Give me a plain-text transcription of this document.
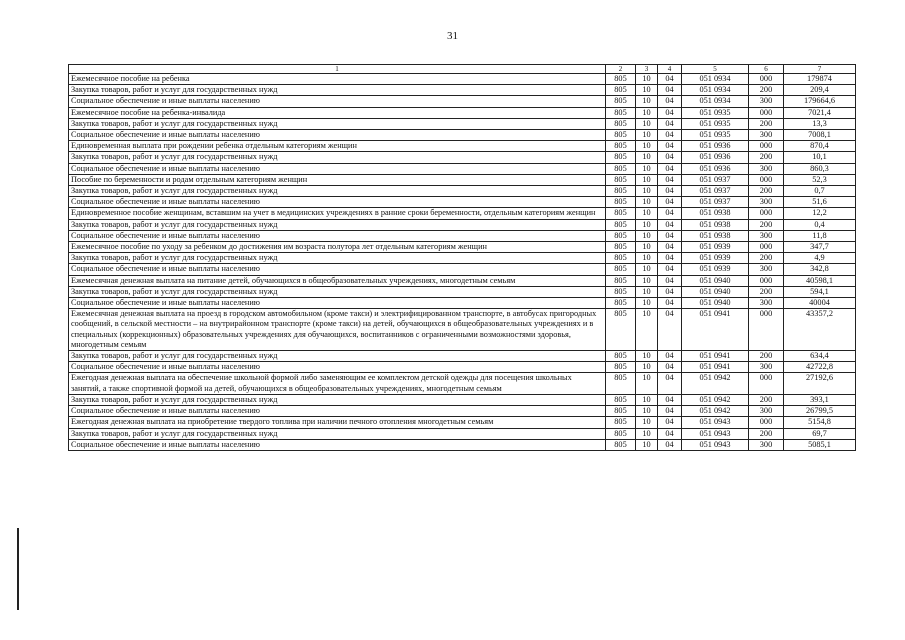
31
1	2	3	4	5	6	7
Ежемесячное пособие на ребенка	805	10	04	051 0934	000	179874
Закупка товаров, работ и услуг для государственных нужд	805	10	04	051 0934	200	209,4
Социальное обеспечение и иные выплаты населению	805	10	04	051 0934	300	179664,6
Ежемесячное пособие на ребенка-инвалида	805	10	04	051 0935	000	7021,4
Закупка товаров, работ и услуг для государственных нужд	805	10	04	051 0935	200	13,3
Социальное обеспечение и иные выплаты населению	805	10	04	051 0935	300	7008,1
Единовременная выплата при рождении ребенка отдельным категориям женщин	805	10	04	051 0936	000	870,4
Закупка товаров, работ и услуг для государственных нужд	805	10	04	051 0936	200	10,1
Социальное обеспечение и иные выплаты населению	805	10	04	051 0936	300	860,3
Пособие по беременности и родам отдельным категориям женщин	805	10	04	051 0937	000	52,3
Закупка товаров, работ и услуг для государственных нужд	805	10	04	051 0937	200	0,7
Социальное обеспечение и иные выплаты населению	805	10	04	051 0937	300	51,6
Единовременное пособие женщинам, вставшим на учет в медицинских учреждениях в ранние сроки беременности, отдельным категориям женщин	805	10	04	051 0938	000	12,2
Закупка товаров, работ и услуг для государственных нужд	805	10	04	051 0938	200	0,4
Социальное обеспечение и иные выплаты населению	805	10	04	051 0938	300	11,8
Ежемесячное пособие по уходу за ребенком до достижения им возраста полутора лет отдельным категориям женщин	805	10	04	051 0939	000	347,7
Закупка товаров, работ и услуг для государственных нужд	805	10	04	051 0939	200	4,9
Социальное обеспечение и иные выплаты населению	805	10	04	051 0939	300	342,8
Ежемесячная денежная выплата на питание детей, обучающихся в общеобразовательных учреждениях, многодетным семьям	805	10	04	051 0940	000	40598,1
Закупка товаров, работ и услуг для государственных нужд	805	10	04	051 0940	200	594,1
Социальное обеспечение и иные выплаты населению	805	10	04	051 0940	300	40004
Ежемесячная денежная выплата на проезд в городском автомобильном (кроме такси) и электрифицированном транспорте, в автобусах пригородных сообщений, в сельской местности – на внутрирайонном транспорте (кроме такси) на детей, обучающихся в общеобразовательных учреждениях и в специальных (коррекционных) образовательных учреждениях для обучающихся, воспитанников с ограниченными возможностями здоровья, многодетным семьям	805	10	04	051 0941	000	43357,2
Закупка товаров, работ и услуг для государственных нужд	805	10	04	051 0941	200	634,4
Социальное обеспечение и иные выплаты населению	805	10	04	051 0941	300	42722,8
Ежегодная денежная выплата на обеспечение школьной формой либо заменяющим ее комплектом детской одежды для посещения школьных занятий, а также спортивной формой на детей, обучающихся в общеобразовательных учреждениях, многодетным семьям	805	10	04	051 0942	000	27192,6
Закупка товаров, работ и услуг для государственных нужд	805	10	04	051 0942	200	393,1
Социальное обеспечение и иные выплаты населению	805	10	04	051 0942	300	26799,5
Ежегодная денежная выплата на приобретение твердого топлива при наличии печного отопления многодетным семьям	805	10	04	051 0943	000	5154,8
Закупка товаров, работ и услуг для государственных нужд	805	10	04	051 0943	200	69,7
Социальное обеспечение и иные выплаты населению	805	10	04	051 0943	300	5085,1
